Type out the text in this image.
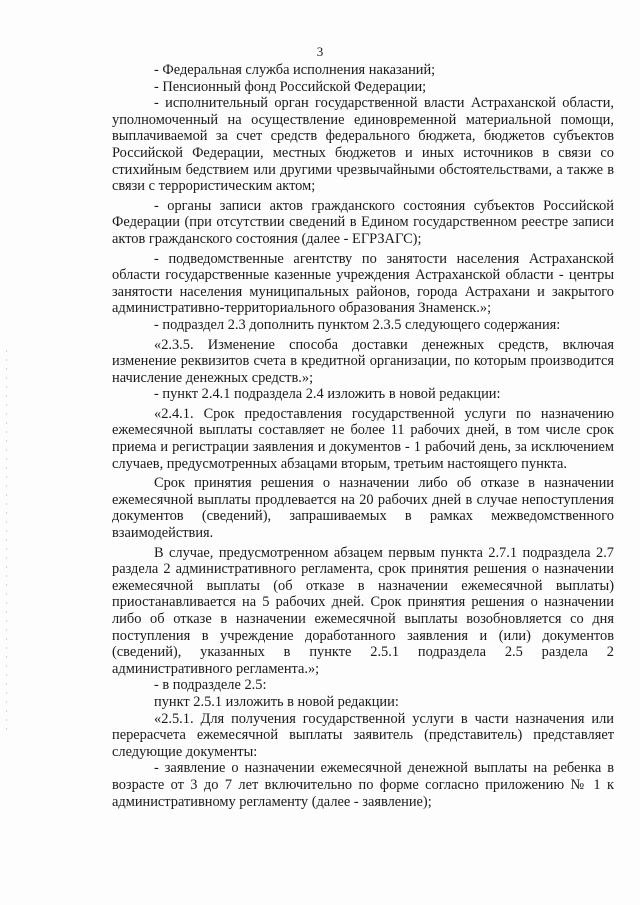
3

- Федеральная служба исполнения наказаний;

- Пенсионный фонд Российской Федерации;

- исполнительный орган государственной власти Астраханской области, уполномоченный на осуществление единовременной материальной помощи, выплачиваемой за счет средств федерального бюджета, бюджетов субъектов Российской Федерации, местных бюджетов и иных источников в связи со стихийным бедствием или другими чрезвычайными обстоятельствами, а также в связи с террористическим актом;

- органы записи актов гражданского состояния субъектов Российской Федерации (при отсутствии сведений в Едином государственном реестре записи актов гражданского состояния (далее - ЕГРЗАГС);

- подведомственные агентству по занятости населения Астраханской области государственные казенные учреждения Астраханской области - центры занятости населения муниципальных районов, города Астрахани и закрытого административно-территориального образования Знаменск.»;

- подраздел 2.3 дополнить пунктом 2.3.5 следующего содержания:

«2.3.5. Изменение способа доставки денежных средств, включая изменение реквизитов счета в кредитной организации, по которым производится начисление денежных средств.»;

- пункт 2.4.1 подраздела 2.4 изложить в новой редакции:

«2.4.1. Срок предоставления государственной услуги по назначению ежемесячной выплаты составляет не более 11 рабочих дней, в том числе срок приема и регистрации заявления и документов - 1 рабочий день, за исключением случаев, предусмотренных абзацами вторым, третьим настоящего пункта.

Срок принятия решения о назначении либо об отказе в назначении ежемесячной выплаты продлевается на 20 рабочих дней в случае непоступления документов (сведений), запрашиваемых в рамках межведомственного взаимодействия.

В случае, предусмотренном абзацем первым пункта 2.7.1 подраздела 2.7 раздела 2 административного регламента, срок принятия решения о назначении ежемесячной выплаты (об отказе в назначении ежемесячной выплаты) приостанавливается на 5 рабочих дней. Срок принятия решения о назначении либо об отказе в назначении ежемесячной выплаты возобновляется со дня поступления в учреждение доработанного заявления и (или) документов (сведений), указанных в пункте 2.5.1 подраздела 2.5 раздела 2 административного регламента.»;

- в подразделе 2.5:

пункт 2.5.1 изложить в новой редакции:

«2.5.1. Для получения государственной услуги в части назначения или перерасчета ежемесячной выплаты заявитель (представитель) представляет следующие документы:

- заявление о назначении ежемесячной денежной выплаты на ребенка в возрасте от 3 до 7 лет включительно по форме согласно приложению № 1 к административному регламенту (далее - заявление);
